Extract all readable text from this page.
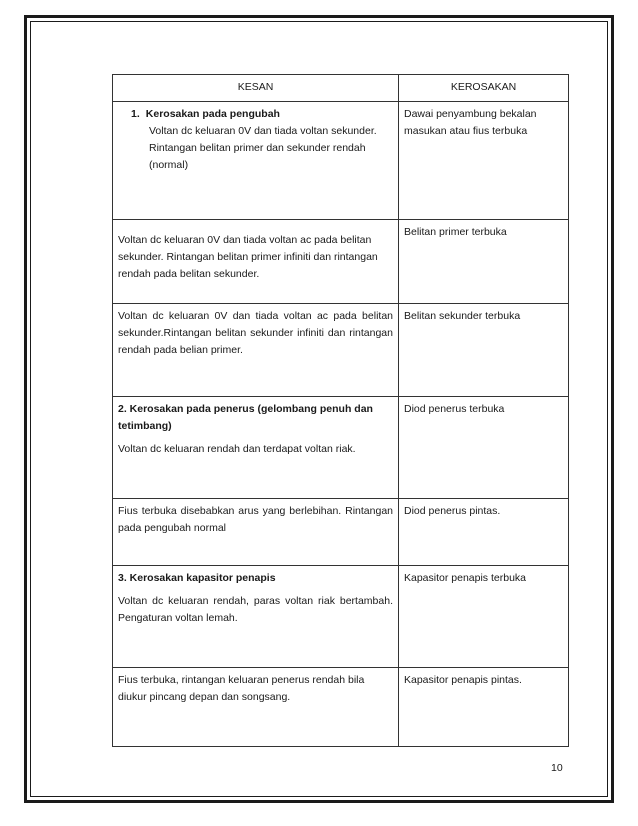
KESAN	KEROSAKAN

1. Kerosakan pada pengubah
Voltan dc keluaran 0V dan tiada voltan sekunder. Rintangan belitan primer dan sekunder rendah (normal)	Dawai penyambung bekalan masukan atau fius terbuka

Voltan dc keluaran 0V dan tiada voltan ac pada belitan sekunder. Rintangan belitan primer infiniti dan rintangan rendah pada belitan sekunder.	Belitan primer terbuka
Voltan dc keluaran 0V dan tiada voltan ac pada belitan sekunder.Rintangan belitan sekunder infiniti dan rintangan rendah pada belian primer.	Belitan sekunder terbuka

2. Kerosakan pada penerus (gelombang penuh dan tetimbang)
Voltan dc keluaran rendah dan terdapat voltan riak.	Diod penerus terbuka
Fius terbuka disebabkan arus yang berlebihan. Rintangan pada pengubah normal	Diod penerus pintas.

3. Kerosakan kapasitor penapis
Voltan dc keluaran rendah, paras voltan riak bertambah. Pengaturan voltan lemah.	Kapasitor penapis terbuka
Fius terbuka, rintangan keluaran penerus rendah bila diukur pincang depan dan songsang.	Kapasitor penapis pintas.
10
